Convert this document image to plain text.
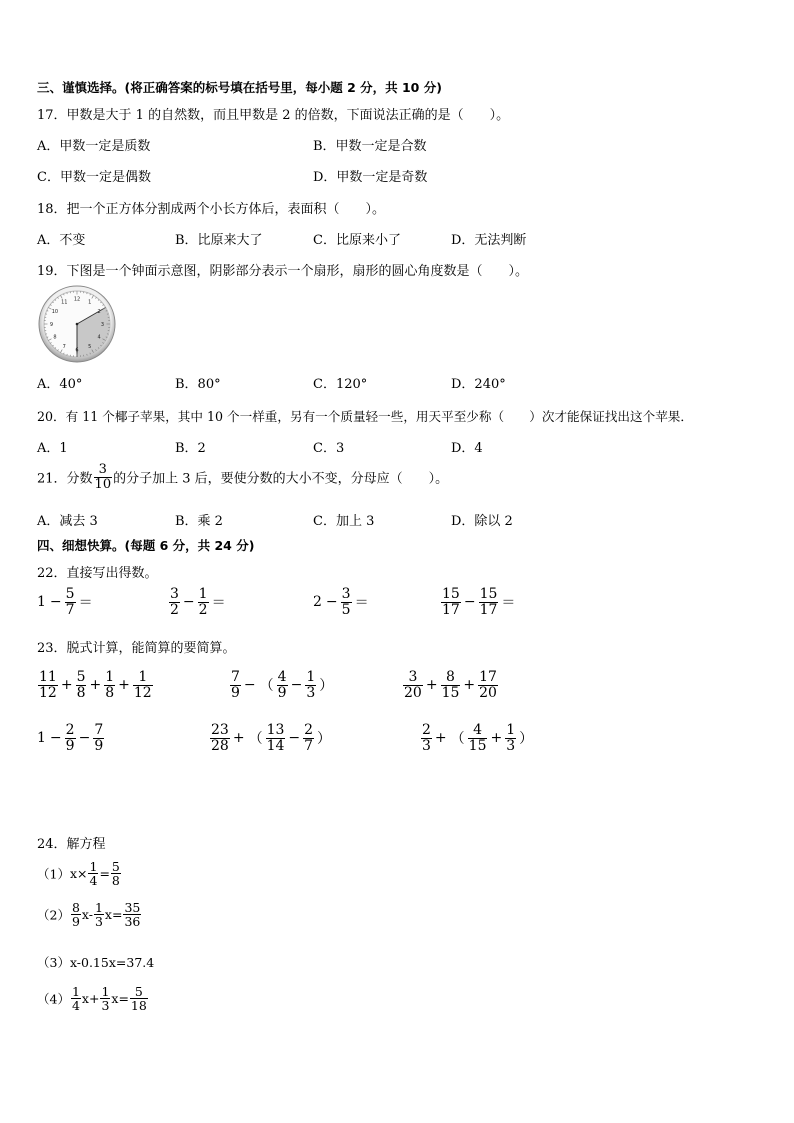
三、谨慎选择。(将正确答案的标号填在括号里，每小题 2 分，共 10 分)
17．甲数是大于 1 的自然数，而且甲数是 2 的倍数，下面说法正确的是（　　）。
A．甲数一定是质数	B．甲数一定是合数
C．甲数一定是偶数	D．甲数一定是奇数
18．把一个正方体分割成两个小长方体后，表面积（　　）。
A．不变	B．比原来大了	C．比原来小了	D．无法判断
19．下图是一个钟面示意图，阴影部分表示一个扇形，扇形的圆心角度数是（　　）。
12
1
2
3
4
5
6
7
8
9
10
11
A．40°	B．80°	C．120°	D．240°
20．有 11 个椰子苹果，其中 10 个一样重，另有一个质量轻一些，用天平至少称（　　）次才能保证找出这个苹果．
A．1	B．2	C．3	D．4
21．分数 $\frac{3}{10}$ 的分子加上 3 后，要使分数的大小不变，分母应（　　）。
A．减去 3	B．乘 2	C．加上 3	D．除以 2
四、细想快算。(每题 6 分，共 24 分)
22．直接写出得数。
$1 - \frac{5}{7}$ ＝	$\frac{3}{2} - \frac{1}{2}$ ＝	$2 - \frac{3}{5}$ ＝	$\frac{15}{17} - \frac{15}{17}$ ＝
23．脱式计算，能简算的要简算。
$\frac{11}{12} + \frac{5}{8} + \frac{1}{8} + \frac{1}{12}$	$\frac{7}{9}$ − （ $\frac{4}{9} - \frac{1}{3}$ ）	$\frac{3}{20} + \frac{8}{15} + \frac{17}{20}$
$1 - \frac{2}{9} - \frac{7}{9}$	$\frac{23}{28}$ + （ $\frac{13}{14} - \frac{2}{7}$ ）	$\frac{2}{3}$ + （ $\frac{4}{15} + \frac{1}{3}$ ）
24．解方程
$(1)x\times \frac{1}{4} = \frac{5}{8}$
$(2) \frac{8}{9} x- \frac{1}{3} x= \frac{35}{36}$
（3）x-0.15x=37.4
$(4) \frac{1}{4} x+ \frac{1}{3} x= \frac{5}{18}$
